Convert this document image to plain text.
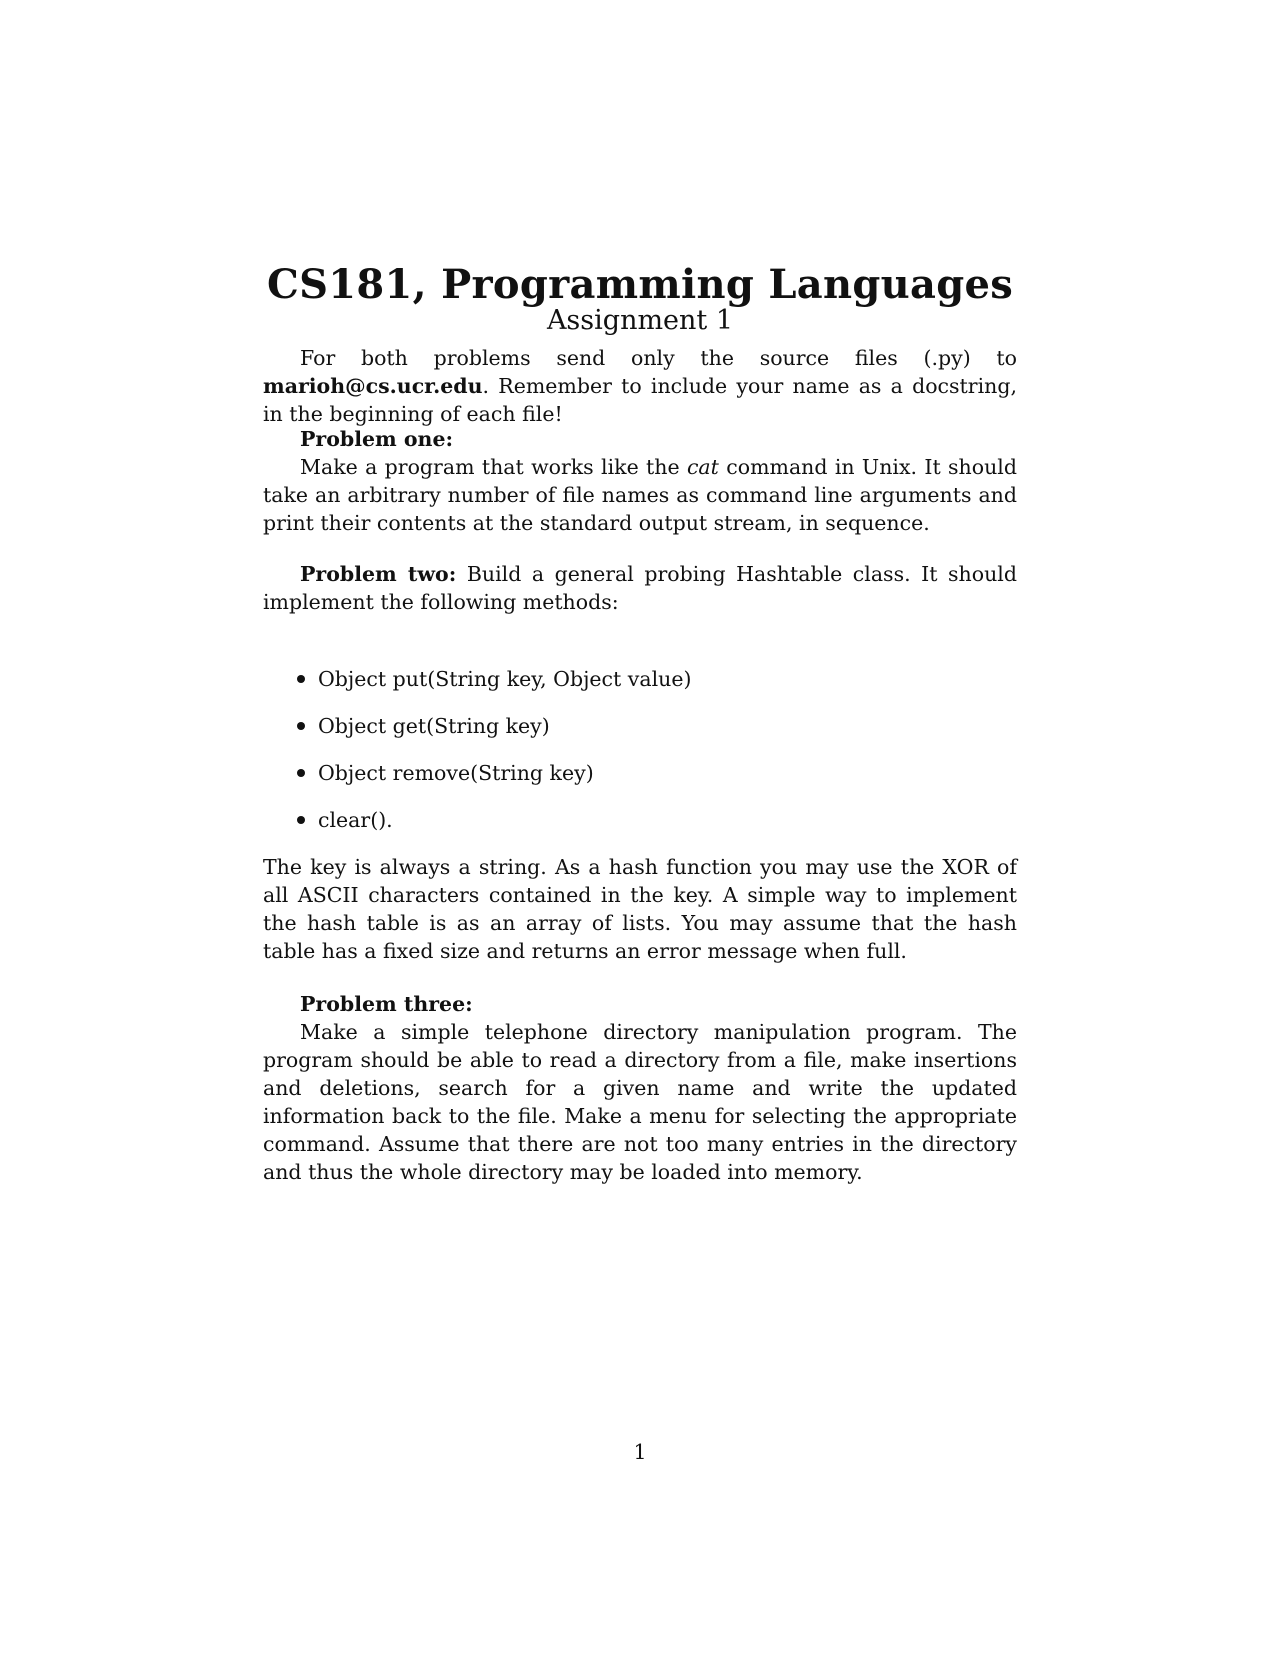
CS181, Programming Languages
Assignment 1
For both problems send only the source files (.py) to marioh@cs.ucr.edu. Remember to include your name as a docstring, in the beginning of each file!
Problem one:
Make a program that works like the cat command in Unix. It should take an arbitrary number of file names as command line arguments and print their contents at the standard output stream, in sequence.
Problem two: Build a general probing Hashtable class. It should implement the following methods:
Object put(String key, Object value)
Object get(String key)
Object remove(String key)
clear().
The key is always a string. As a hash function you may use the XOR of all ASCII characters contained in the key. A simple way to implement the hash table is as an array of lists. You may assume that the hash table has a fixed size and returns an error message when full.
Problem three:
Make a simple telephone directory manipulation program. The program should be able to read a directory from a file, make insertions and deletions, search for a given name and write the updated information back to the file. Make a menu for selecting the appropriate command. Assume that there are not too many entries in the directory and thus the whole directory may be loaded into memory.
1
